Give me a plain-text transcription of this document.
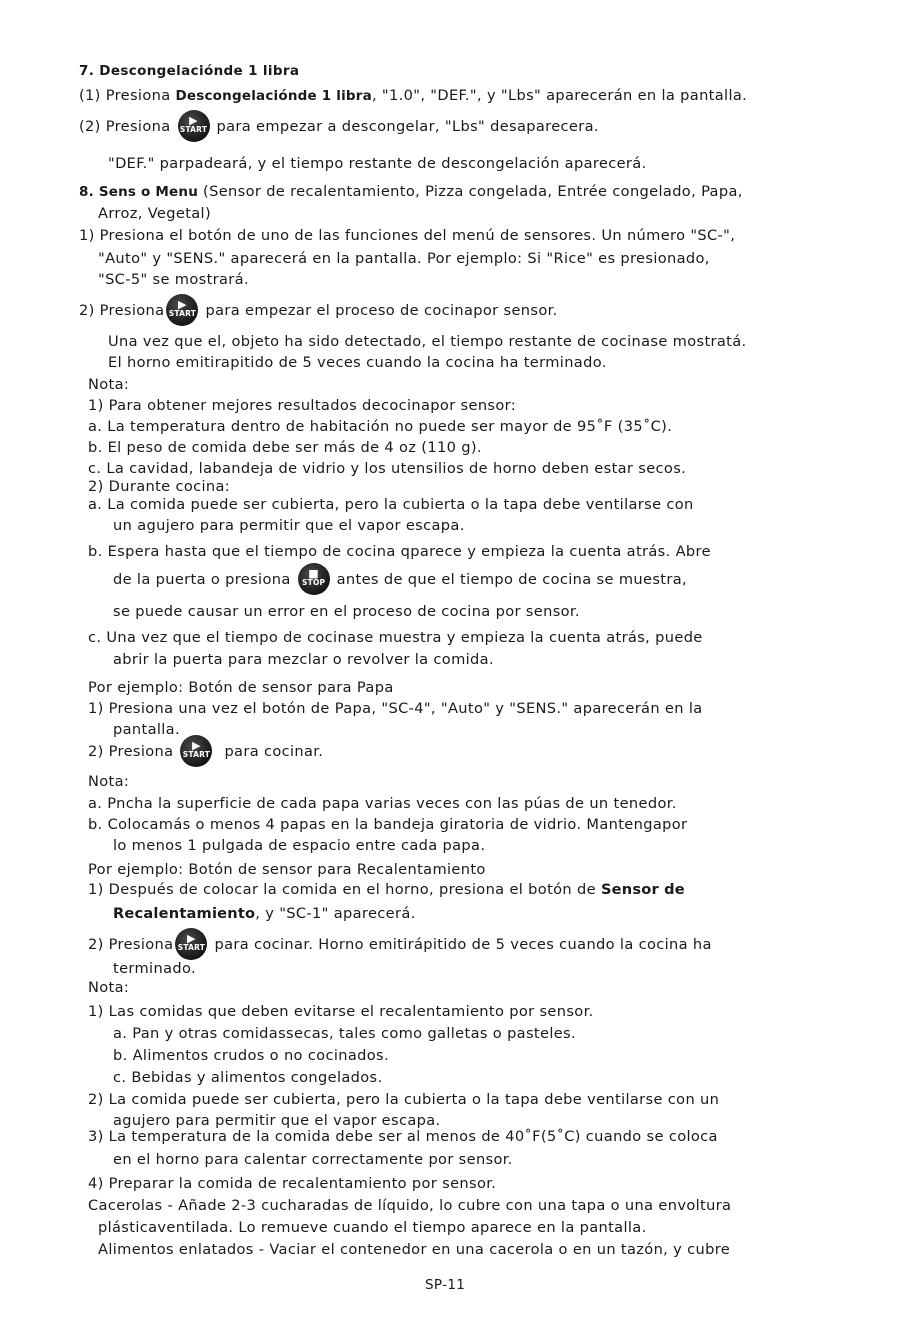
7. Descongelaciónde 1 libra
(1) Presiona Descongelaciónde 1 libra, "1.0", "DEF.", y "Lbs" aparecerán en la pantalla.
(2) Presiona	▶
START para empezar a descongelar, "Lbs" desaparecera.
"DEF." parpadeará, y el tiempo restante de descongelación aparecerá.
8. Sens o Menu (Sensor de recalentamiento, Pizza congelada, Entrée congelado, Papa,
Arroz, Vegetal)
1) Presiona el botón de uno de las funciones del menú de sensores. Un número "SC-",
"Auto" y "SENS." aparecerá en la pantalla. Por ejemplo: Si "Rice" es presionado,
"SC-5" se mostrará.
2) Presiona	▶
START para empezar el proceso de cocinapor sensor.
Una vez que el, objeto ha sido detectado, el tiempo restante de cocinase mostratá.
El horno emitirapitido de 5 veces cuando la cocina ha terminado.
Nota:
1) Para obtener mejores resultados decocinapor sensor:
a. La temperatura dentro de habitación no puede ser mayor de 95˚F (35˚C).
b. El peso de comida debe ser más de 4 oz (110 g).
c. La cavidad, labandeja de vidrio y los utensilios de horno deben estar secos.
2) Durante cocina:
a. La comida puede ser cubierta, pero la cubierta o la tapa debe ventilarse con
un agujero para permitir que el vapor escapa.
b. Espera hasta que el tiempo de cocina qparece y empieza la cuenta atrás. Abre
de la puerta o presiona	■
STOP antes de que el tiempo de cocina se muestra,
se puede causar un error en el proceso de cocina por sensor.
c. Una vez que el tiempo de cocinase muestra y empieza la cuenta atrás, puede
abrir la puerta para mezclar o revolver la comida.
Por ejemplo: Botón de sensor para Papa
1) Presiona una vez el botón de Papa, "SC-4", "Auto" y "SENS." aparecerán en la
pantalla.
2) Presiona	▶
START para cocinar.
Nota:
a. Pncha la superficie de cada papa varias veces con las púas de un tenedor.
b. Colocamás o menos 4 papas en la bandeja giratoria de vidrio. Mantengapor
lo menos 1 pulgada de espacio entre cada papa.
Por ejemplo: Botón de sensor para Recalentamiento
1) Después de colocar la comida en el horno, presiona el botón de Sensor de
Recalentamiento, y "SC-1" aparecerá.
2) Presiona	▶
START para cocinar. Horno emitirápitido de 5 veces cuando la cocina ha
terminado.
Nota:
1) Las comidas que deben evitarse el recalentamiento por sensor.
a. Pan y otras comidassecas, tales como galletas o pasteles.
b. Alimentos crudos o no cocinados.
c. Bebidas y alimentos congelados.
2) La comida puede ser cubierta, pero la cubierta o la tapa debe ventilarse con un
agujero para permitir que el vapor escapa.
3) La temperatura de la comida debe ser al menos de 40˚F(5˚C) cuando se coloca
en el horno para calentar correctamente por sensor.
4) Preparar la comida de recalentamiento por sensor.
Cacerolas - Añade 2-3 cucharadas de líquido, lo cubre con una tapa o una envoltura
plásticaventilada. Lo remueve cuando el tiempo aparece en la pantalla.
Alimentos enlatados - Vaciar el contenedor en una cacerola o en un tazón, y cubre
SP-11
